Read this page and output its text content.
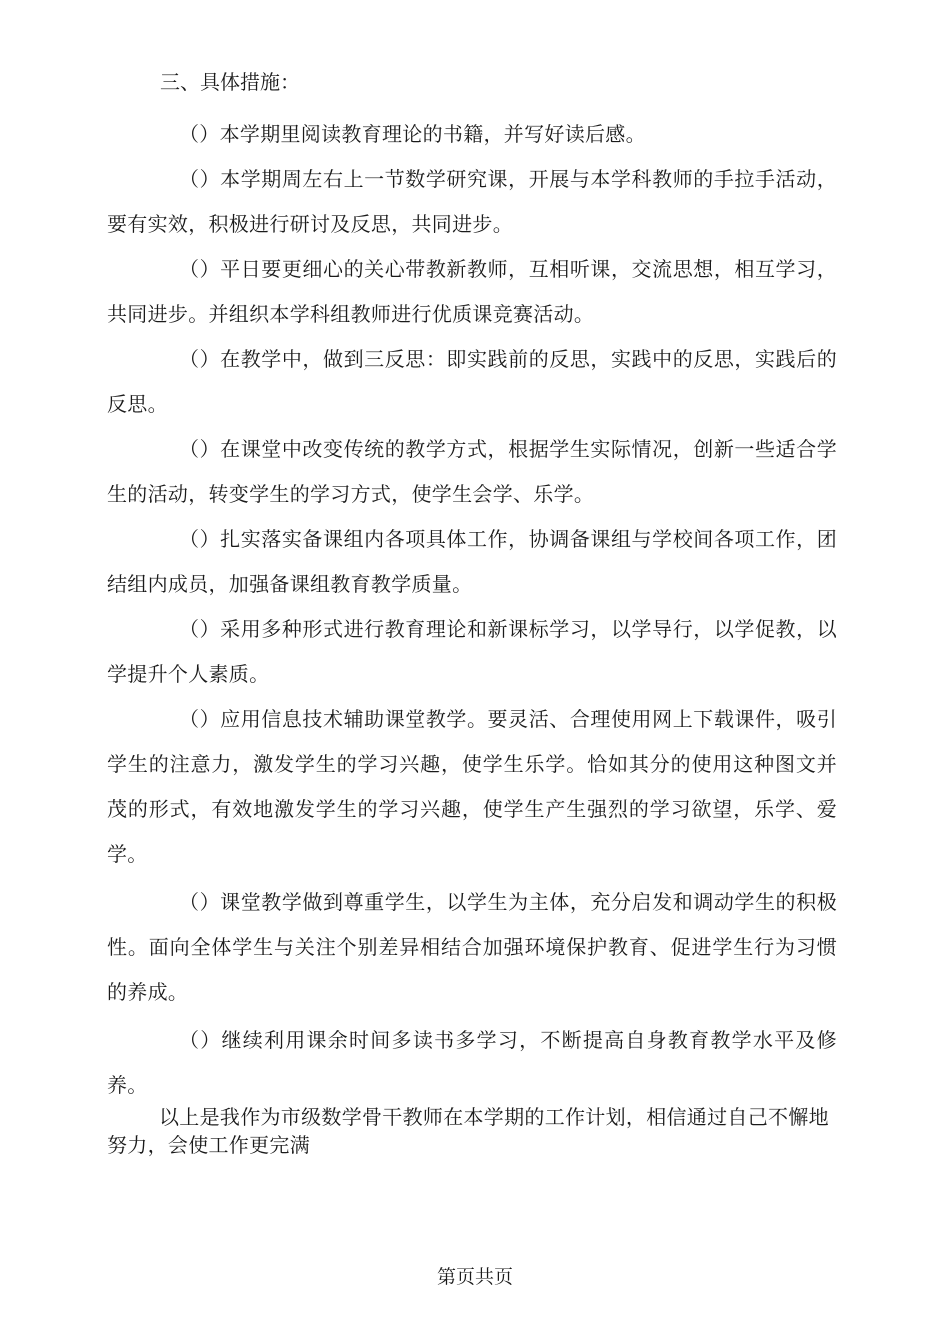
三、具体措施：
（）本学期里阅读教育理论的书籍，并写好读后感。
（）本学期周左右上一节数学研究课，开展与本学科教师的手拉手活动，要有实效，积极进行研讨及反思，共同进步。
（）平日要更细心的关心带教新教师，互相听课，交流思想，相互学习，共同进步。并组织本学科组教师进行优质课竞赛活动。
（）在教学中，做到三反思：即实践前的反思，实践中的反思，实践后的反思。
（）在课堂中改变传统的教学方式，根据学生实际情况，创新一些适合学生的活动，转变学生的学习方式，使学生会学、乐学。
（）扎实落实备课组内各项具体工作，协调备课组与学校间各项工作，团结组内成员，加强备课组教育教学质量。
（）采用多种形式进行教育理论和新课标学习，以学导行，以学促教，以学提升个人素质。
（）应用信息技术辅助课堂教学。要灵活、合理使用网上下载课件，吸引学生的注意力，激发学生的学习兴趣，使学生乐学。恰如其分的使用这种图文并茂的形式，有效地激发学生的学习兴趣，使学生产生强烈的学习欲望，乐学、爱学。
（）课堂教学做到尊重学生，以学生为主体，充分启发和调动学生的积极性。面向全体学生与关注个别差异相结合加强环境保护教育、促进学生行为习惯的养成。
（）继续利用课余时间多读书多学习，不断提高自身教育教学水平及修养。
以上是我作为市级数学骨干教师在本学期的工作计划，相信通过自己不懈地努力，会使工作更完满
第页共页
